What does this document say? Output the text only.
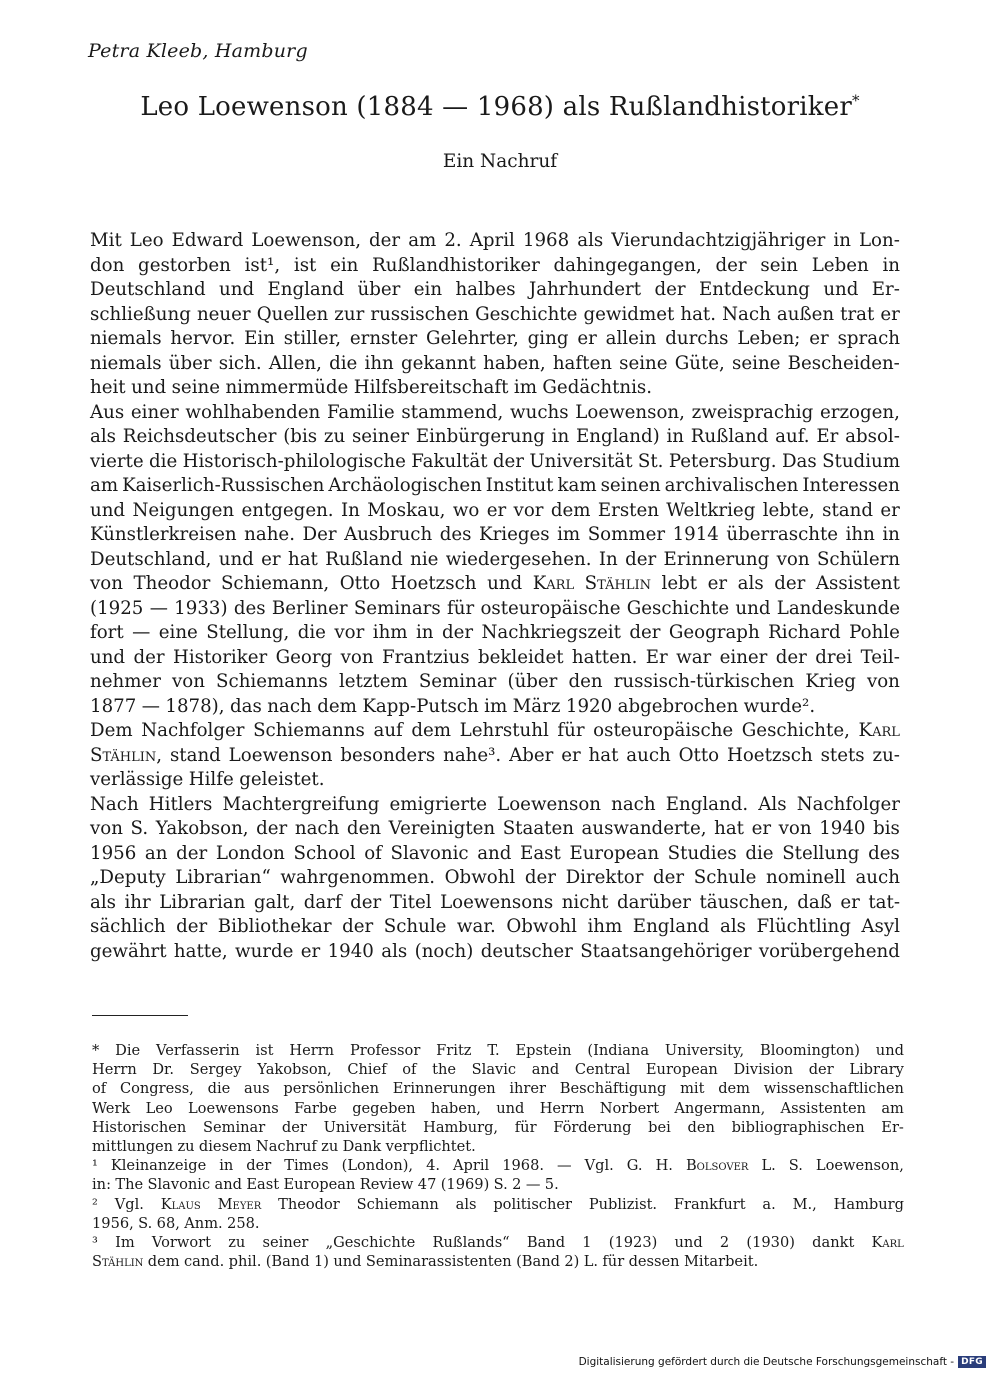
Petra Kleeb, Hamburg
Leo Loewenson (1884 — 1968) als Rußlandhistoriker*
Ein Nachruf
Mit Leo Edward Loewenson, der am 2. April 1968 als Vierundachtzigjähriger in Lon-
don gestorben ist¹, ist ein Rußlandhistoriker dahingegangen, der sein Leben in
Deutschland und England über ein halbes Jahrhundert der Entdeckung und Er-
schließung neuer Quellen zur russischen Geschichte gewidmet hat. Nach außen trat er
niemals hervor. Ein stiller, ernster Gelehrter, ging er allein durchs Leben; er sprach
niemals über sich. Allen, die ihn gekannt haben, haften seine Güte, seine Bescheiden-
heit und seine nimmermüde Hilfsbereitschaft im Gedächtnis.
Aus einer wohlhabenden Familie stammend, wuchs Loewenson, zweisprachig erzogen,
als Reichsdeutscher (bis zu seiner Einbürgerung in England) in Rußland auf. Er absol-
vierte die Historisch-philologische Fakultät der Universität St. Petersburg. Das Studium
am Kaiserlich-Russischen Archäologischen Institut kam seinen archivalischen Interessen
und Neigungen entgegen. In Moskau, wo er vor dem Ersten Weltkrieg lebte, stand er
Künstlerkreisen nahe. Der Ausbruch des Krieges im Sommer 1914 überraschte ihn in
Deutschland, und er hat Rußland nie wiedergesehen. In der Erinnerung von Schülern
von Theodor Schiemann, Otto Hoetzsch und Karl Stählin lebt er als der Assistent
(1925 — 1933) des Berliner Seminars für osteuropäische Geschichte und Landeskunde
fort — eine Stellung, die vor ihm in der Nachkriegszeit der Geograph Richard Pohle
und der Historiker Georg von Frantzius bekleidet hatten. Er war einer der drei Teil-
nehmer von Schiemanns letztem Seminar (über den russisch-türkischen Krieg von
1877 — 1878), das nach dem Kapp-Putsch im März 1920 abgebrochen wurde².
Dem Nachfolger Schiemanns auf dem Lehrstuhl für osteuropäische Geschichte, Karl
Stählin, stand Loewenson besonders nahe³. Aber er hat auch Otto Hoetzsch stets zu-
verlässige Hilfe geleistet.
Nach Hitlers Machtergreifung emigrierte Loewenson nach England. Als Nachfolger
von S. Yakobson, der nach den Vereinigten Staaten auswanderte, hat er von 1940 bis
1956 an der London School of Slavonic and East European Studies die Stellung des
„Deputy Librarian“ wahrgenommen. Obwohl der Direktor der Schule nominell auch
als ihr Librarian galt, darf der Titel Loewensons nicht darüber täuschen, daß er tat-
sächlich der Bibliothekar der Schule war. Obwohl ihm England als Flüchtling Asyl
gewährt hatte, wurde er 1940 als (noch) deutscher Staatsangehöriger vorübergehend
* Die Verfasserin ist Herrn Professor Fritz T. Epstein (Indiana University, Bloomington) und
Herrn Dr. Sergey Yakobson, Chief of the Slavic and Central European Division der Library
of Congress, die aus persönlichen Erinnerungen ihrer Beschäftigung mit dem wissenschaftlichen
Werk Leo Loewensons Farbe gegeben haben, und Herrn Norbert Angermann, Assistenten am
Historischen Seminar der Universität Hamburg, für Förderung bei den bibliographischen Er-
mittlungen zu diesem Nachruf zu Dank verpflichtet.
¹ Kleinanzeige in der Times (London), 4. April 1968. — Vgl. G. H. Bolsover L. S. Loewenson,
in: The Slavonic and East European Review 47 (1969) S. 2 — 5.
² Vgl. Klaus Meyer Theodor Schiemann als politischer Publizist. Frankfurt a. M., Hamburg
1956, S. 68, Anm. 258.
³ Im Vorwort zu seiner „Geschichte Rußlands“ Band 1 (1923) und 2 (1930) dankt Karl
Stählin dem cand. phil. (Band 1) und Seminarassistenten (Band 2) L. für dessen Mitarbeit.
Digitalisierung gefördert durch die Deutsche Forschungsgemeinschaft - DFG
